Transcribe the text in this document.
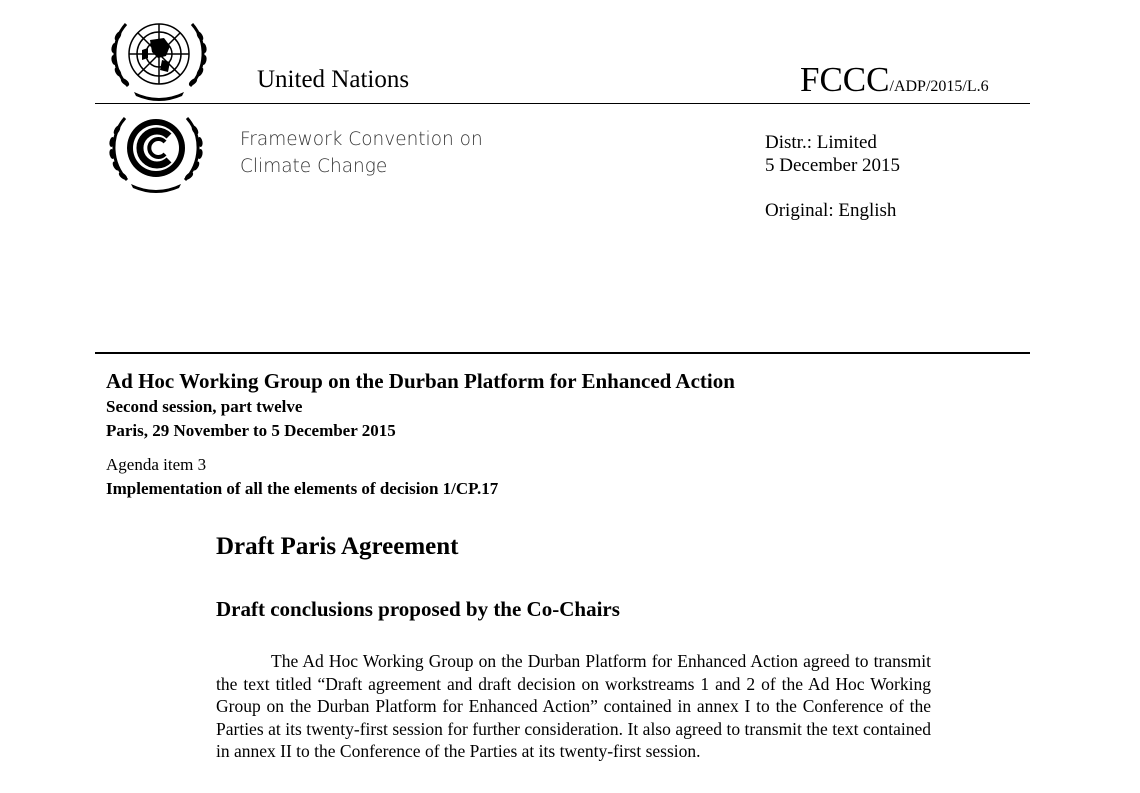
United Nations	FCCC/ADP/2015/L.6
Framework Convention on
Climate Change
Distr.: Limited
5 December 2015
Original: English
Ad Hoc Working Group on the Durban Platform for Enhanced Action
Second session, part twelve
Paris, 29 November to 5 December 2015
Agenda item 3
Implementation of all the elements of decision 1/CP.17
Draft Paris Agreement
Draft conclusions proposed by the Co-Chairs

The Ad Hoc Working Group on the Durban Platform for Enhanced Action agreed to transmit the text titled “Draft agreement and draft decision on workstreams 1 and 2 of the Ad Hoc Working Group on the Durban Platform for Enhanced Action” contained in annex I to the Conference of the Parties at its twenty-first session for further consideration. It also agreed to transmit the text contained in annex II to the Conference of the Parties at its twenty-first session.
